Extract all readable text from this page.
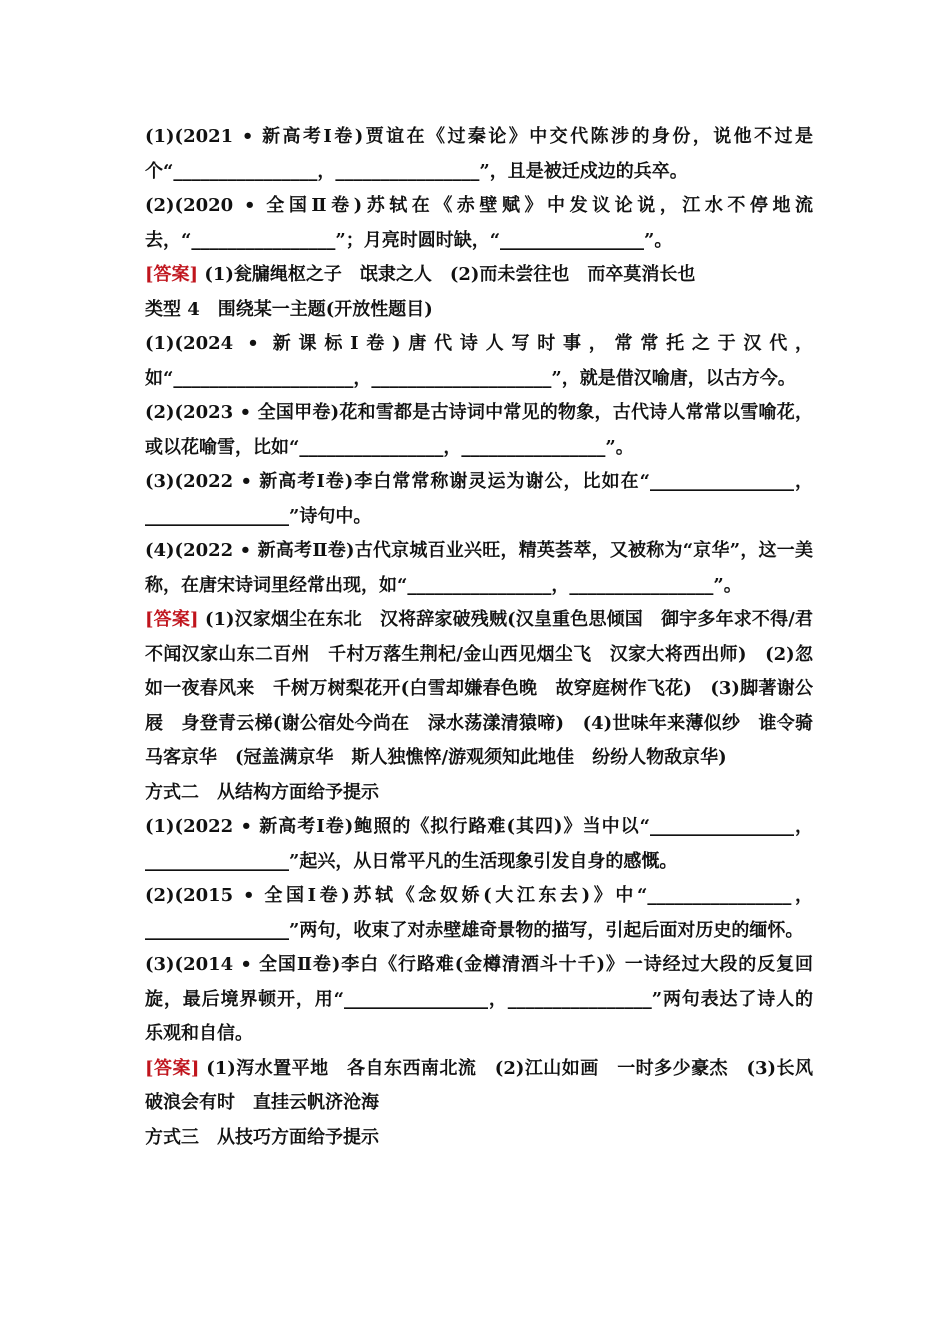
(1)(2021 • 新高考Ⅰ卷)贾谊在《过秦论》中交代陈涉的身份，说他不过是个“________________，________________”，且是被迁戍边的兵卒。

(2)(2020 • 全国Ⅱ卷)苏轼在《赤壁赋》中发议论说，江水不停地流去，“________________”；月亮时圆时缺，“________________”。

[答案] (1)瓮牖绳枢之子　氓隶之人　(2)而未尝往也　而卒莫消长也

类型 4　围绕某一主题(开放性题目)

(1)(2024 • 新课标Ⅰ卷)唐代诗人写时事，常常托之于汉代，如“____________________，____________________”，就是借汉喻唐，以古方今。

(2)(2023 • 全国甲卷)花和雪都是古诗词中常见的物象，古代诗人常常以雪喻花，或以花喻雪，比如“________________，________________”。

(3)(2022 • 新高考Ⅰ卷)李白常常称谢灵运为谢公，比如在“________________，________________”诗句中。

(4)(2022 • 新高考Ⅱ卷)古代京城百业兴旺，精英荟萃，又被称为“京华”，这一美称，在唐宋诗词里经常出现，如“________________，________________”。

[答案] (1)汉家烟尘在东北　汉将辞家破残贼(汉皇重色思倾国　御宇多年求不得/君不闻汉家山东二百州　千村万落生荆杞/金山西见烟尘飞　汉家大将西出师)　(2)忽如一夜春风来　千树万树梨花开(白雪却嫌春色晚　故穿庭树作飞花)　(3)脚著谢公屐　身登青云梯(谢公宿处今尚在　渌水荡漾清猿啼)　(4)世味年来薄似纱　谁令骑马客京华　(冠盖满京华　斯人独憔悴/游观须知此地佳　纷纷人物敌京华)

方式二　从结构方面给予提示

(1)(2022 • 新高考Ⅰ卷)鲍照的《拟行路难(其四)》当中以“________________，________________”起兴，从日常平凡的生活现象引发自身的感慨。

(2)(2015 • 全国Ⅰ卷)苏轼《念奴娇(大江东去)》中“________________，________________”两句，收束了对赤壁雄奇景物的描写，引起后面对历史的缅怀。

(3)(2014 • 全国Ⅱ卷)李白《行路难(金樽清酒斗十千)》一诗经过大段的反复回旋，最后境界顿开，用“________________，________________”两句表达了诗人的乐观和自信。

[答案] (1)泻水置平地　各自东西南北流　(2)江山如画　一时多少豪杰　(3)长风破浪会有时　直挂云帆济沧海

方式三　从技巧方面给予提示
